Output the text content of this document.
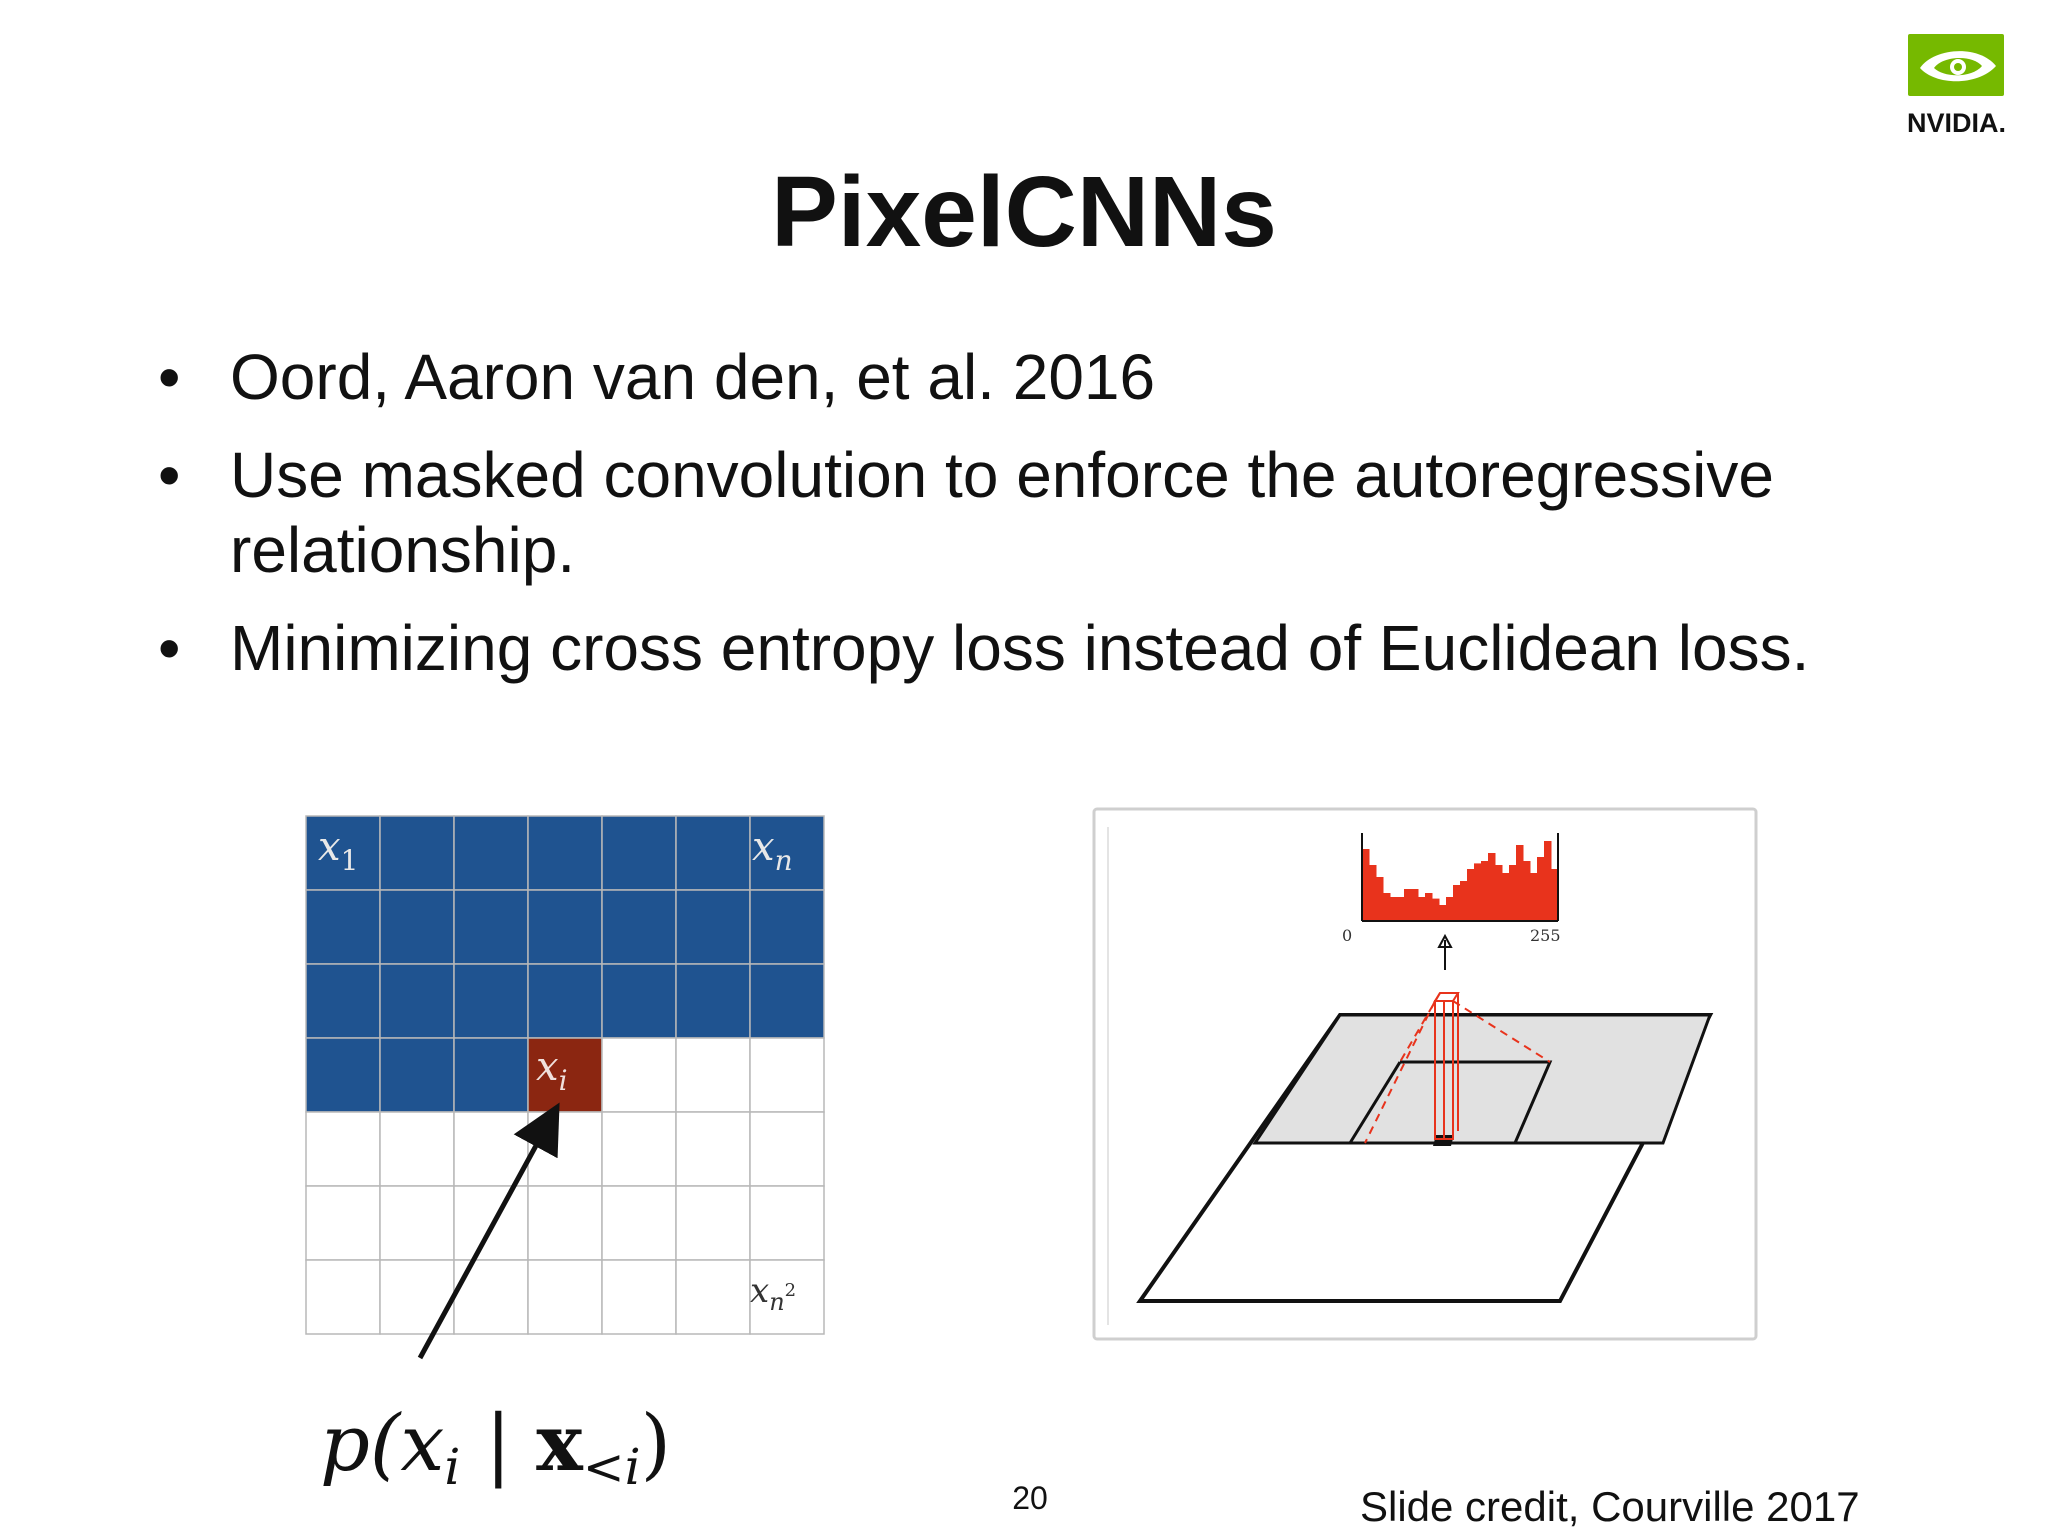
NVIDIA.
PixelCNNs
• Oord, Aaron van den, et al. 2016
• Use masked convolution to enforce the autoregressive relationship.
• Minimizing cross entropy loss instead of Euclidean loss.
$x_1$	$x_n$
$x_i$
$x_n^2$
p(xi | x<i)
0	255
20	Slide credit, Courville 2017
